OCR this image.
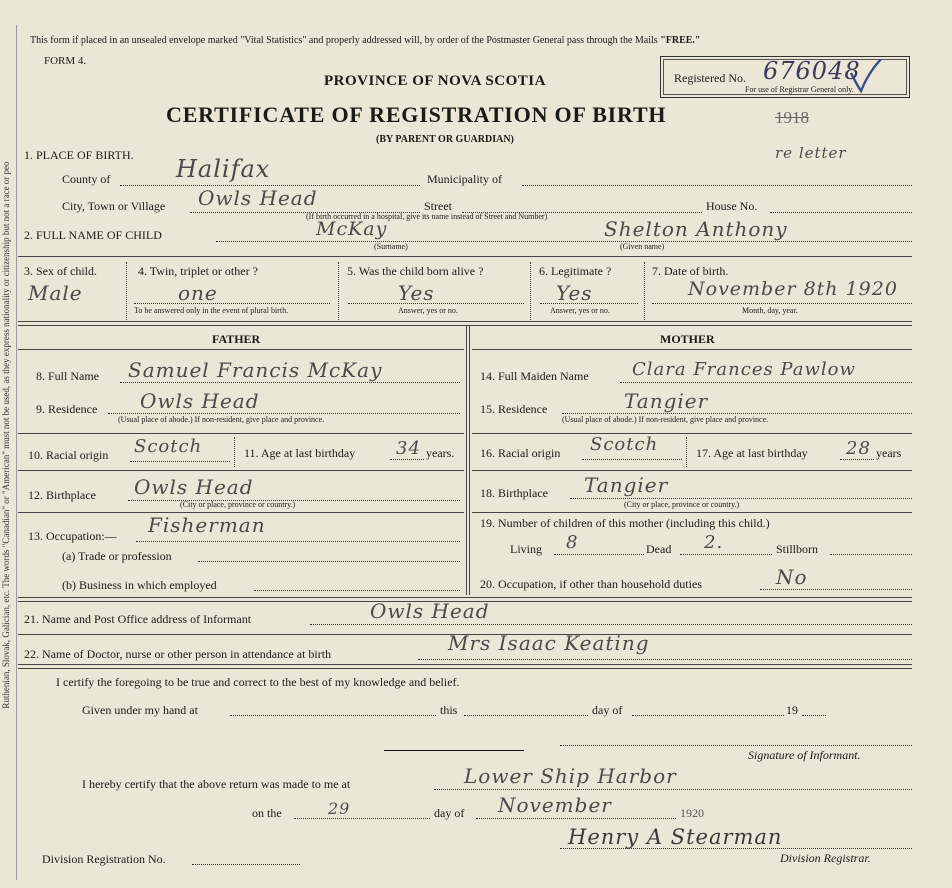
Ruthenian, Slovak, Galician, etc. The words "Canadian" or "American" must not be used, as they express nationality or citizenship but not a race or peo
This form if placed in an unsealed envelope marked "Vital Statistics" and properly addressed will, by order of the Postmaster General pass through the Mails "FREE."
FORM 4.
PROVINCE OF NOVA SCOTIA
CERTIFICATE OF REGISTRATION OF BIRTH	1918
(BY PARENT OR GUARDIAN)
Registered No. 676048
For use of Registrar General only.
re letter
1. PLACE OF BIRTH.
County of	Halifax	Municipality of
City, Town or Village Owls Head	Street	House No.
(If birth occurred in a hospital, give its name instead of Street and Number)
2. FULL NAME OF CHILD	McKay
(Surname)
Shelton Anthony
(Given name)
3. Sex of child.
Male
4. Twin, triplet or other ?
one
To be answered only in the event of plural birth.
5. Was the child born alive ?
Yes
Answer, yes or no.
6. Legitimate ?
Yes
Answer, yes or no.
7. Date of birth.
November 8th 1920
Month, day, year.
FATHER
8. Full Name Samuel Francis McKay
9. Residence Owls Head
(Usual place of abode.) If non-resident, give place and province.
10. Racial origin Scotch	11. Age at last birthday 34 years.
12. Birthplace Owls Head
(City or place, province or country.)
13. Occupation:— Fisherman
(a) Trade or profession
(b) Business in which employed
MOTHER
14. Full Maiden Name Clara Frances Pawlow
15. Residence	Tangier
(Usual place of abode.) If non-resident, give place and province.
16. Racial origin Scotch	17. Age at last birthday 28 years
18. Birthplace Tangier
(City or place, province or country.)
19. Number of children of this mother (including this child.)
Living 8	Dead 2.	Stillborn
20. Occupation, if other than household duties	No
21. Name and Post Office address of Informant	Owls Head
22. Name of Doctor, nurse or other person in attendance at birth	Mrs Isaac Keating
I certify the foregoing to be true and correct to the best of my knowledge and belief.
Given under my hand at	this	day of	19
Signature of Informant.
I hereby certify that the above return was made to me at	Lower Ship Harbor
on the	29	day of November	1920
Division Registration No.
Henry A Stearman
Division Registrar.
